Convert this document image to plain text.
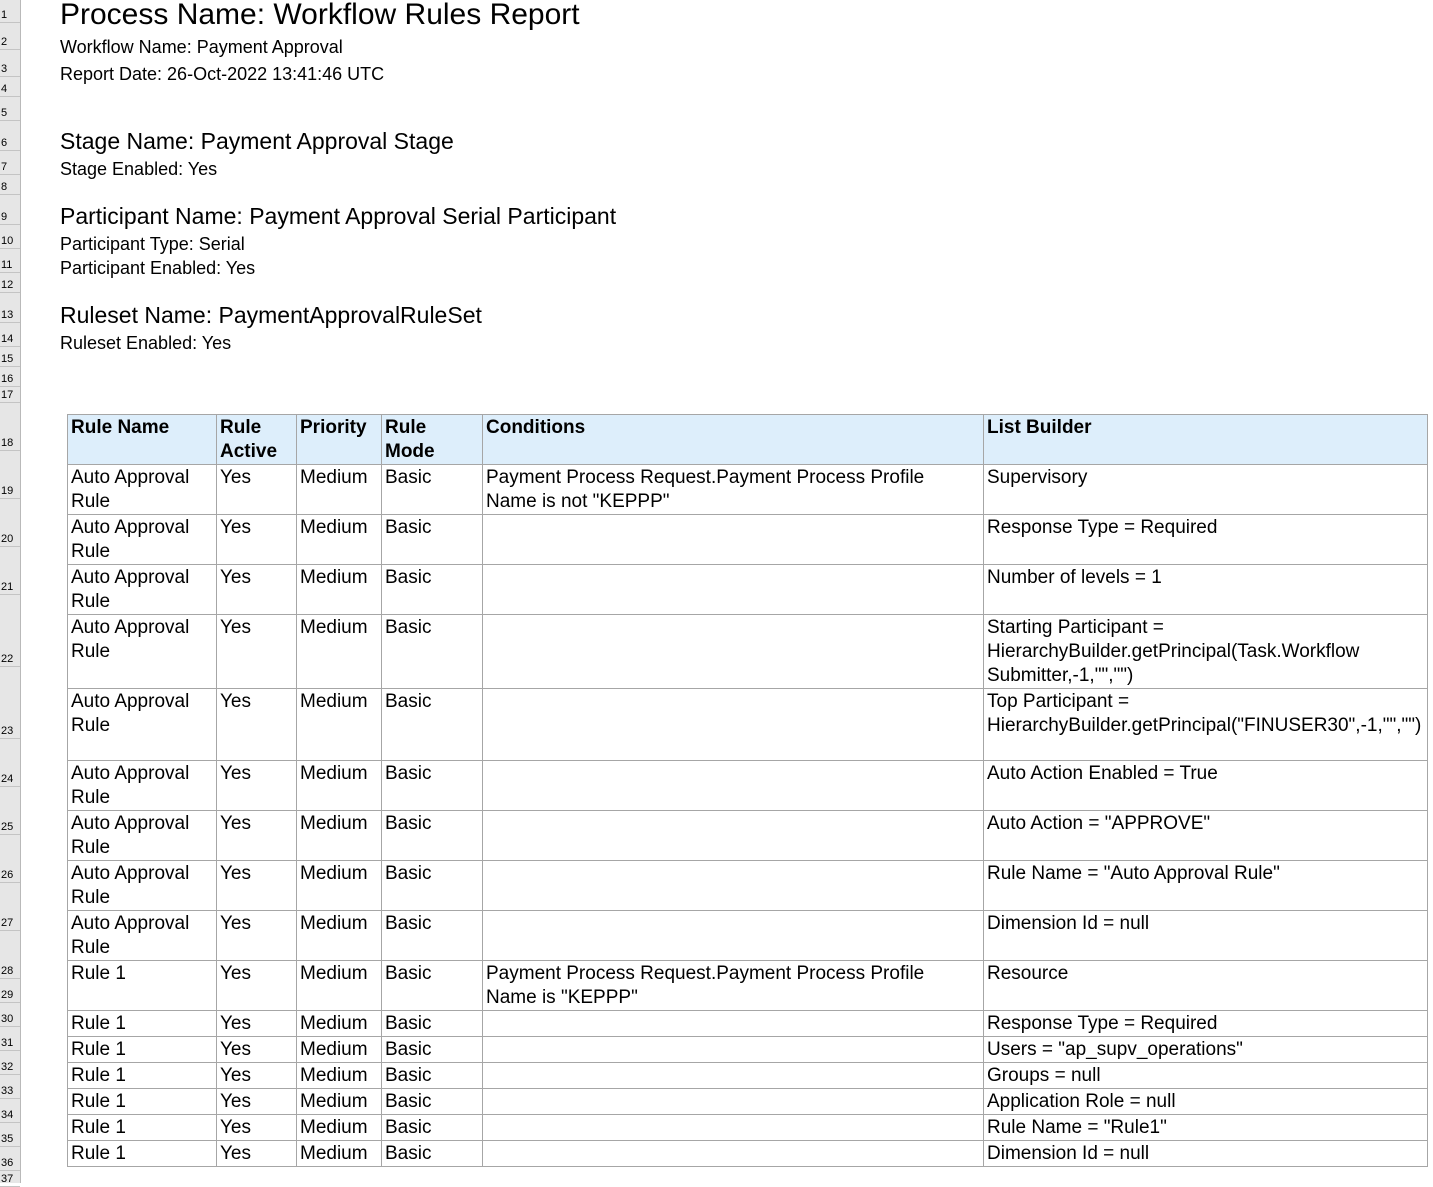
Process Name: Workflow Rules Report
Workflow Name: Payment Approval
Report Date: 26-Oct-2022 13:41:46 UTC
Stage Name: Payment Approval Stage
Stage Enabled: Yes
Participant Name: Payment Approval Serial Participant
Participant Type: Serial
Participant Enabled: Yes
Ruleset Name: PaymentApprovalRuleSet
Ruleset Enabled: Yes
Rule Name	Rule Active	Priority	Rule Mode	Conditions	List Builder
Auto Approval Rule	Yes	Medium	Basic	Payment Process Request.Payment Process Profile Name is not "KEPPP"	Supervisory
Auto Approval Rule	Yes	Medium	Basic		Response Type = Required
Auto Approval Rule	Yes	Medium	Basic		Number of levels = 1
Auto Approval Rule	Yes	Medium	Basic		Starting Participant = HierarchyBuilder.getPrincipal(Task.Workflow Submitter,-1,"","")
Auto Approval Rule	Yes	Medium	Basic		Top Participant = HierarchyBuilder.getPrincipal("FINUSER30",-1,"","")
Auto Approval Rule	Yes	Medium	Basic		Auto Action Enabled = True
Auto Approval Rule	Yes	Medium	Basic		Auto Action = "APPROVE"
Auto Approval Rule	Yes	Medium	Basic		Rule Name = "Auto Approval Rule"
Auto Approval Rule	Yes	Medium	Basic		Dimension Id = null
Rule 1	Yes	Medium	Basic	Payment Process Request.Payment Process Profile Name is "KEPPP"	Resource
Rule 1	Yes	Medium	Basic		Response Type = Required
Rule 1	Yes	Medium	Basic		Users = "ap_supv_operations"
Rule 1	Yes	Medium	Basic		Groups = null
Rule 1	Yes	Medium	Basic		Application Role = null
Rule 1	Yes	Medium	Basic		Rule Name = "Rule1"
Rule 1	Yes	Medium	Basic		Dimension Id = null
1
2
3
4
5
6
7
8
9
10
11
12
13
14
15
16
17
18
19
20
21
22
23
24
25
26
27
28
29
30
31
32
33
34
35
36
37
